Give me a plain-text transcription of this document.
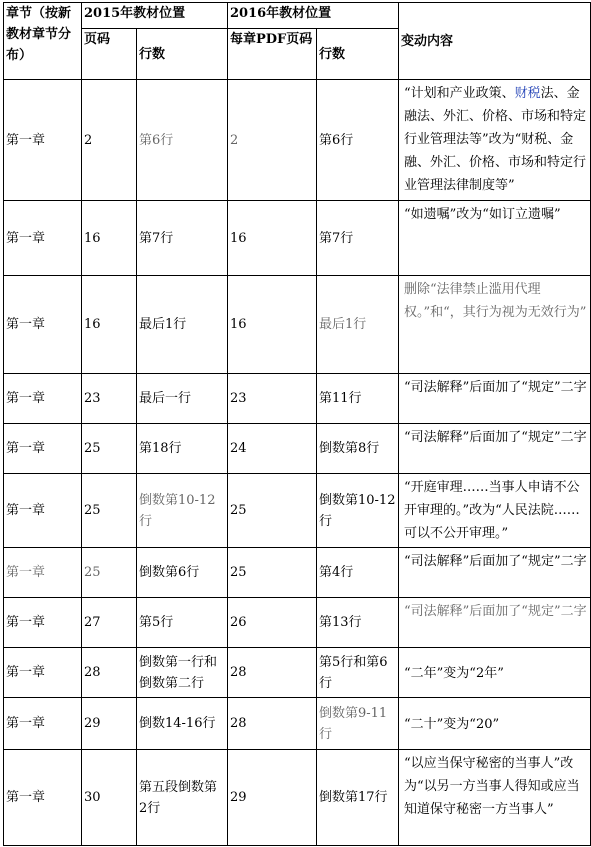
章节（按新教材章节分布）	2015年教材位置		2016年教材位置		变动内容
	页码	行数	每章PDF页码	行数	
第一章	2	第6行	2	第6行	“计划和产业政策、财税法、金融法、外汇、价格、市场和特定行业管理法等”改为“财税、金融、外汇、价格、市场和特定行业管理法律制度等”
第一章	16	第7行	16	第7行	“如遗嘱”改为“如订立遗嘱”
第一章	16	最后1行	16	最后1行	删除“法律禁止滥用代理权。”和“，其行为视为无效行为”
第一章	23	最后一行	23	第11行	“司法解释”后面加了“规定”二字
第一章	25	第18行	24	倒数第8行	“司法解释”后面加了“规定”二字
第一章	25	倒数第10-12行	25	倒数第10-12行	“开庭审理……当事人申请不公开审理的。”改为“人民法院……可以不公开审理。”
第一章	25	倒数第6行	25	第4行	“司法解释”后面加了“规定”二字
第一章	27	第5行	26	第13行	“司法解释”后面加了“规定”二字
第一章	28	倒数第一行和倒数第二行	28	第5行和第6行	“二年”变为“2年”
第一章	29	倒数14-16行	28	倒数第9-11行	“二十”变为“20”
第一章	30	第五段倒数第2行	29	倒数第17行	“以应当保守秘密的当事人”改为“以另一方当事人得知或应当知道保守秘密一方当事人”
